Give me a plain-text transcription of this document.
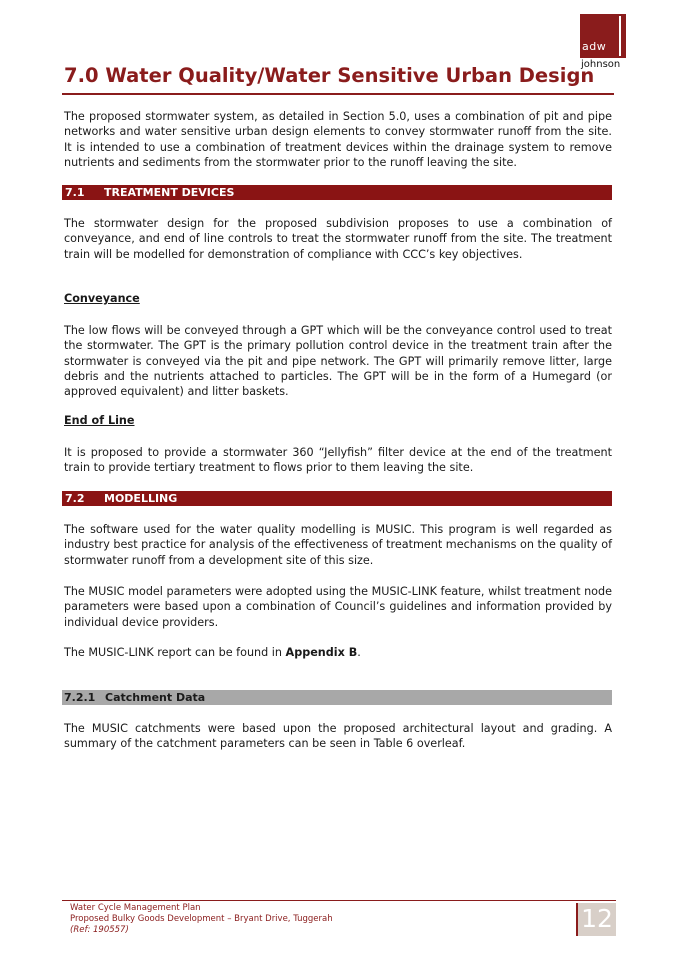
adw
johnson
7.0 Water Quality/Water Sensitive Urban Design

The proposed stormwater system, as detailed in Section 5.0, uses a combination of pit and pipe networks and water sensitive urban design elements to convey stormwater runoff from the site. It is intended to use a combination of treatment devices within the drainage system to remove nutrients and sediments from the stormwater prior to the runoff leaving the site.

7.1 TREATMENT DEVICES

The stormwater design for the proposed subdivision proposes to use a combination of conveyance, and end of line controls to treat the stormwater runoff from the site. The treatment train will be modelled for demonstration of compliance with CCC’s key objectives.

Conveyance

The low flows will be conveyed through a GPT which will be the conveyance control used to treat the stormwater. The GPT is the primary pollution control device in the treatment train after the stormwater is conveyed via the pit and pipe network. The GPT will primarily remove litter, large debris and the nutrients attached to particles. The GPT will be in the form of a Humegard (or approved equivalent) and litter baskets.

End of Line

It is proposed to provide a stormwater 360 “Jellyfish” filter device at the end of the treatment train to provide tertiary treatment to flows prior to them leaving the site.

7.2 MODELLING

The software used for the water quality modelling is MUSIC. This program is well regarded as industry best practice for analysis of the effectiveness of treatment mechanisms on the quality of stormwater runoff from a development site of this size.

The MUSIC model parameters were adopted using the MUSIC-LINK feature, whilst treatment node parameters were based upon a combination of Council’s guidelines and information provided by individual device providers.

The MUSIC-LINK report can be found in Appendix B.

7.2.1 Catchment Data

The MUSIC catchments were based upon the proposed architectural layout and grading. A summary of the catchment parameters can be seen in Table 6 overleaf.

Water Cycle Management Plan
Proposed Bulky Goods Development – Bryant Drive, Tuggerah
(Ref: 190557)	12
